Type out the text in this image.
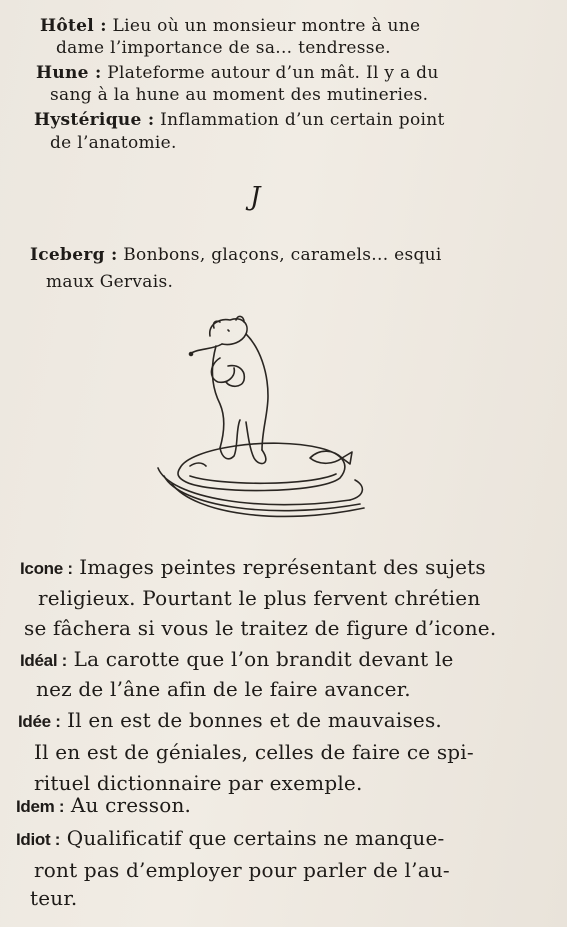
Hôtel : Lieu où un monsieur montre à une
dame l’importance de sa... tendresse.
Hune : Plateforme autour d’un mât. Il y a du
sang à la hune au moment des mutineries.
Hystérique : Inflammation d’un certain point
de l’anatomie.
J
Iceberg : Bonbons, glaçons, caramels... esqui
maux Gervais.
Icone : Images peintes représentant des sujets
religieux. Pourtant le plus fervent chrétien
se fâchera si vous le traitez de figure d’icone.
Idéal : La carotte que l’on brandit devant le
nez de l’âne afin de le faire avancer.
Idée : Il en est de bonnes et de mauvaises.
Il en est de géniales, celles de faire ce spi-
rituel dictionnaire par exemple.
Idem : Au cresson.
Idiot : Qualificatif que certains ne manque-
ront pas d’employer pour parler de l’au-
teur.
